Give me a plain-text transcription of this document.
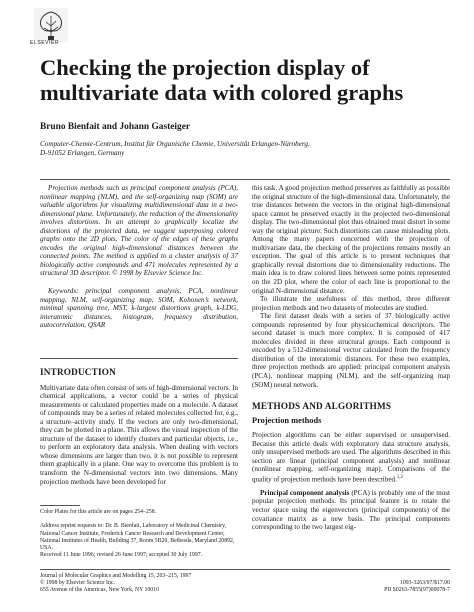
ELSEVIER
Checking the projection display of multivariate data with colored graphs
Bruno Bienfait and Johann Gasteiger
Computer-Chemie-Centrum, Institut für Organische Chemie, Universität Erlangen-Nürnberg,
D-91052 Erlangen, Germany

Projection methods such as principal component analysis (PCA), nonlinear mapping (NLM), and the self-organizing map (SOM) are valuable algorithms for visualizing multidimensional data in a two-dimensional plane. Unfortunately, the reduction of the dimensionality involves distortions. In an attempt to graphically localize the distortions of the projected data, we suggest superposing colored graphs onto the 2D plots. The color of the edges of these graphs encodes the original high-dimensional distances between the connected points. The method is applied to a cluster analysis of 37 biologically active compounds and 471 molecules represented by a structural 3D descriptor. © 1998 by Elsevier Science Inc.

Keywords: principal component analysis, PCA, nonlinear mapping, NLM, self-organizing map, SOM, Kohonen’s network, minimal spanning tree, MST, k-largest distortions graph, k-LDG, interatomic distances, histogram, frequency distribution, autocorrelation, QSAR

INTRODUCTION

Multivariate data often consist of sets of high-dimensional vectors. In chemical applications, a vector could be a series of physical measurements or calculated properties made on a molecule. A dataset of compounds may be a series of related molecules collected for, e.g., a structure–activity study. If the vectors are only two-dimensional, they can be plotted in a plane. This allows the visual inspection of the structure of the dataset to identify clusters and particular objects, i.e., to perform an exploratory data analysis. When dealing with vectors whose dimensions are larger than two, it is not possible to represent them graphically in a plane. One way to overcome this problem is to transform the N-dimensional vectors into two dimensions. Many projection methods have been developed for

Color Plates for this article are on pages 254–258.

Address reprint requests to: Dr. B. Bienfait, Laboratory of Medicinal Chemistry, National Cancer Institute, Frederick Cancer Research and Development Center, National Institutes of Health, Building 37, Room 5B20, Bethesda, Maryland 20892, USA.

Received 11 June 1996; revised 26 June 1997; accepted 30 July 1997.

this task. A good projection method preserves as faithfully as possible the original structure of the high-dimensional data. Unfortunately, the true distances between the vectors in the original high-dimensional space cannot be preserved exactly in the projected two-dimensional display. The two-dimensional plot thus obtained must distort in some way the original picture. Such distortions can cause misleading plots. Among the many papers concerned with the projection of multivariate data, the checking of the projections remains mostly an exception. The goal of this article is to present techniques that graphically reveal distortions due to dimensionality reductions. The main idea is to draw colored lines between some points represented on the 2D plot, where the color of each line is proportional to the original N-dimensional distance.

To illustrate the usefulness of this method, three different projection methods and two datasets of molecules are studied.

The first dataset deals with a series of 37 biologically active compounds represented by four physicochemical descriptors. The second dataset is much more complex. It is composed of 417 molecules divided in three structural groups. Each compound is encoded by a 512-dimensional vector calculated from the frequency distribution of the interatomic distances. For these two examples, three projection methods are applied: principal component analysis (PCA), nonlinear mapping (NLM), and the self-organizing map (SOM) neural network.

METHODS AND ALGORITHMS
Projection methods

Projection algorithms can be either supervised or unsupervised. Because this article deals with exploratory data structure analysis, only unsupervised methods are used. The algorithms described in this section are linear (principal component analysis) and nonlinear (nonlinear mapping, self-organizing map). Comparisons of the quality of projection methods have been described.$^{1,2}$

Principal component analysis (PCA) is probably one of the most popular projection methods. Its principal feature is to rotate the vector space using the eigenvectors (principal components) of the covariance matrix as a new basis. The principal components corresponding to the two largest eig-

Journal of Molecular Graphics and Modelling 15, 203–215, 1997
© 1998 by Elsevier Science Inc.
655 Avenue of the Americas, New York, NY 10010
1093-3263/97/$17.00
PII S0263-7855(97)00078-7
